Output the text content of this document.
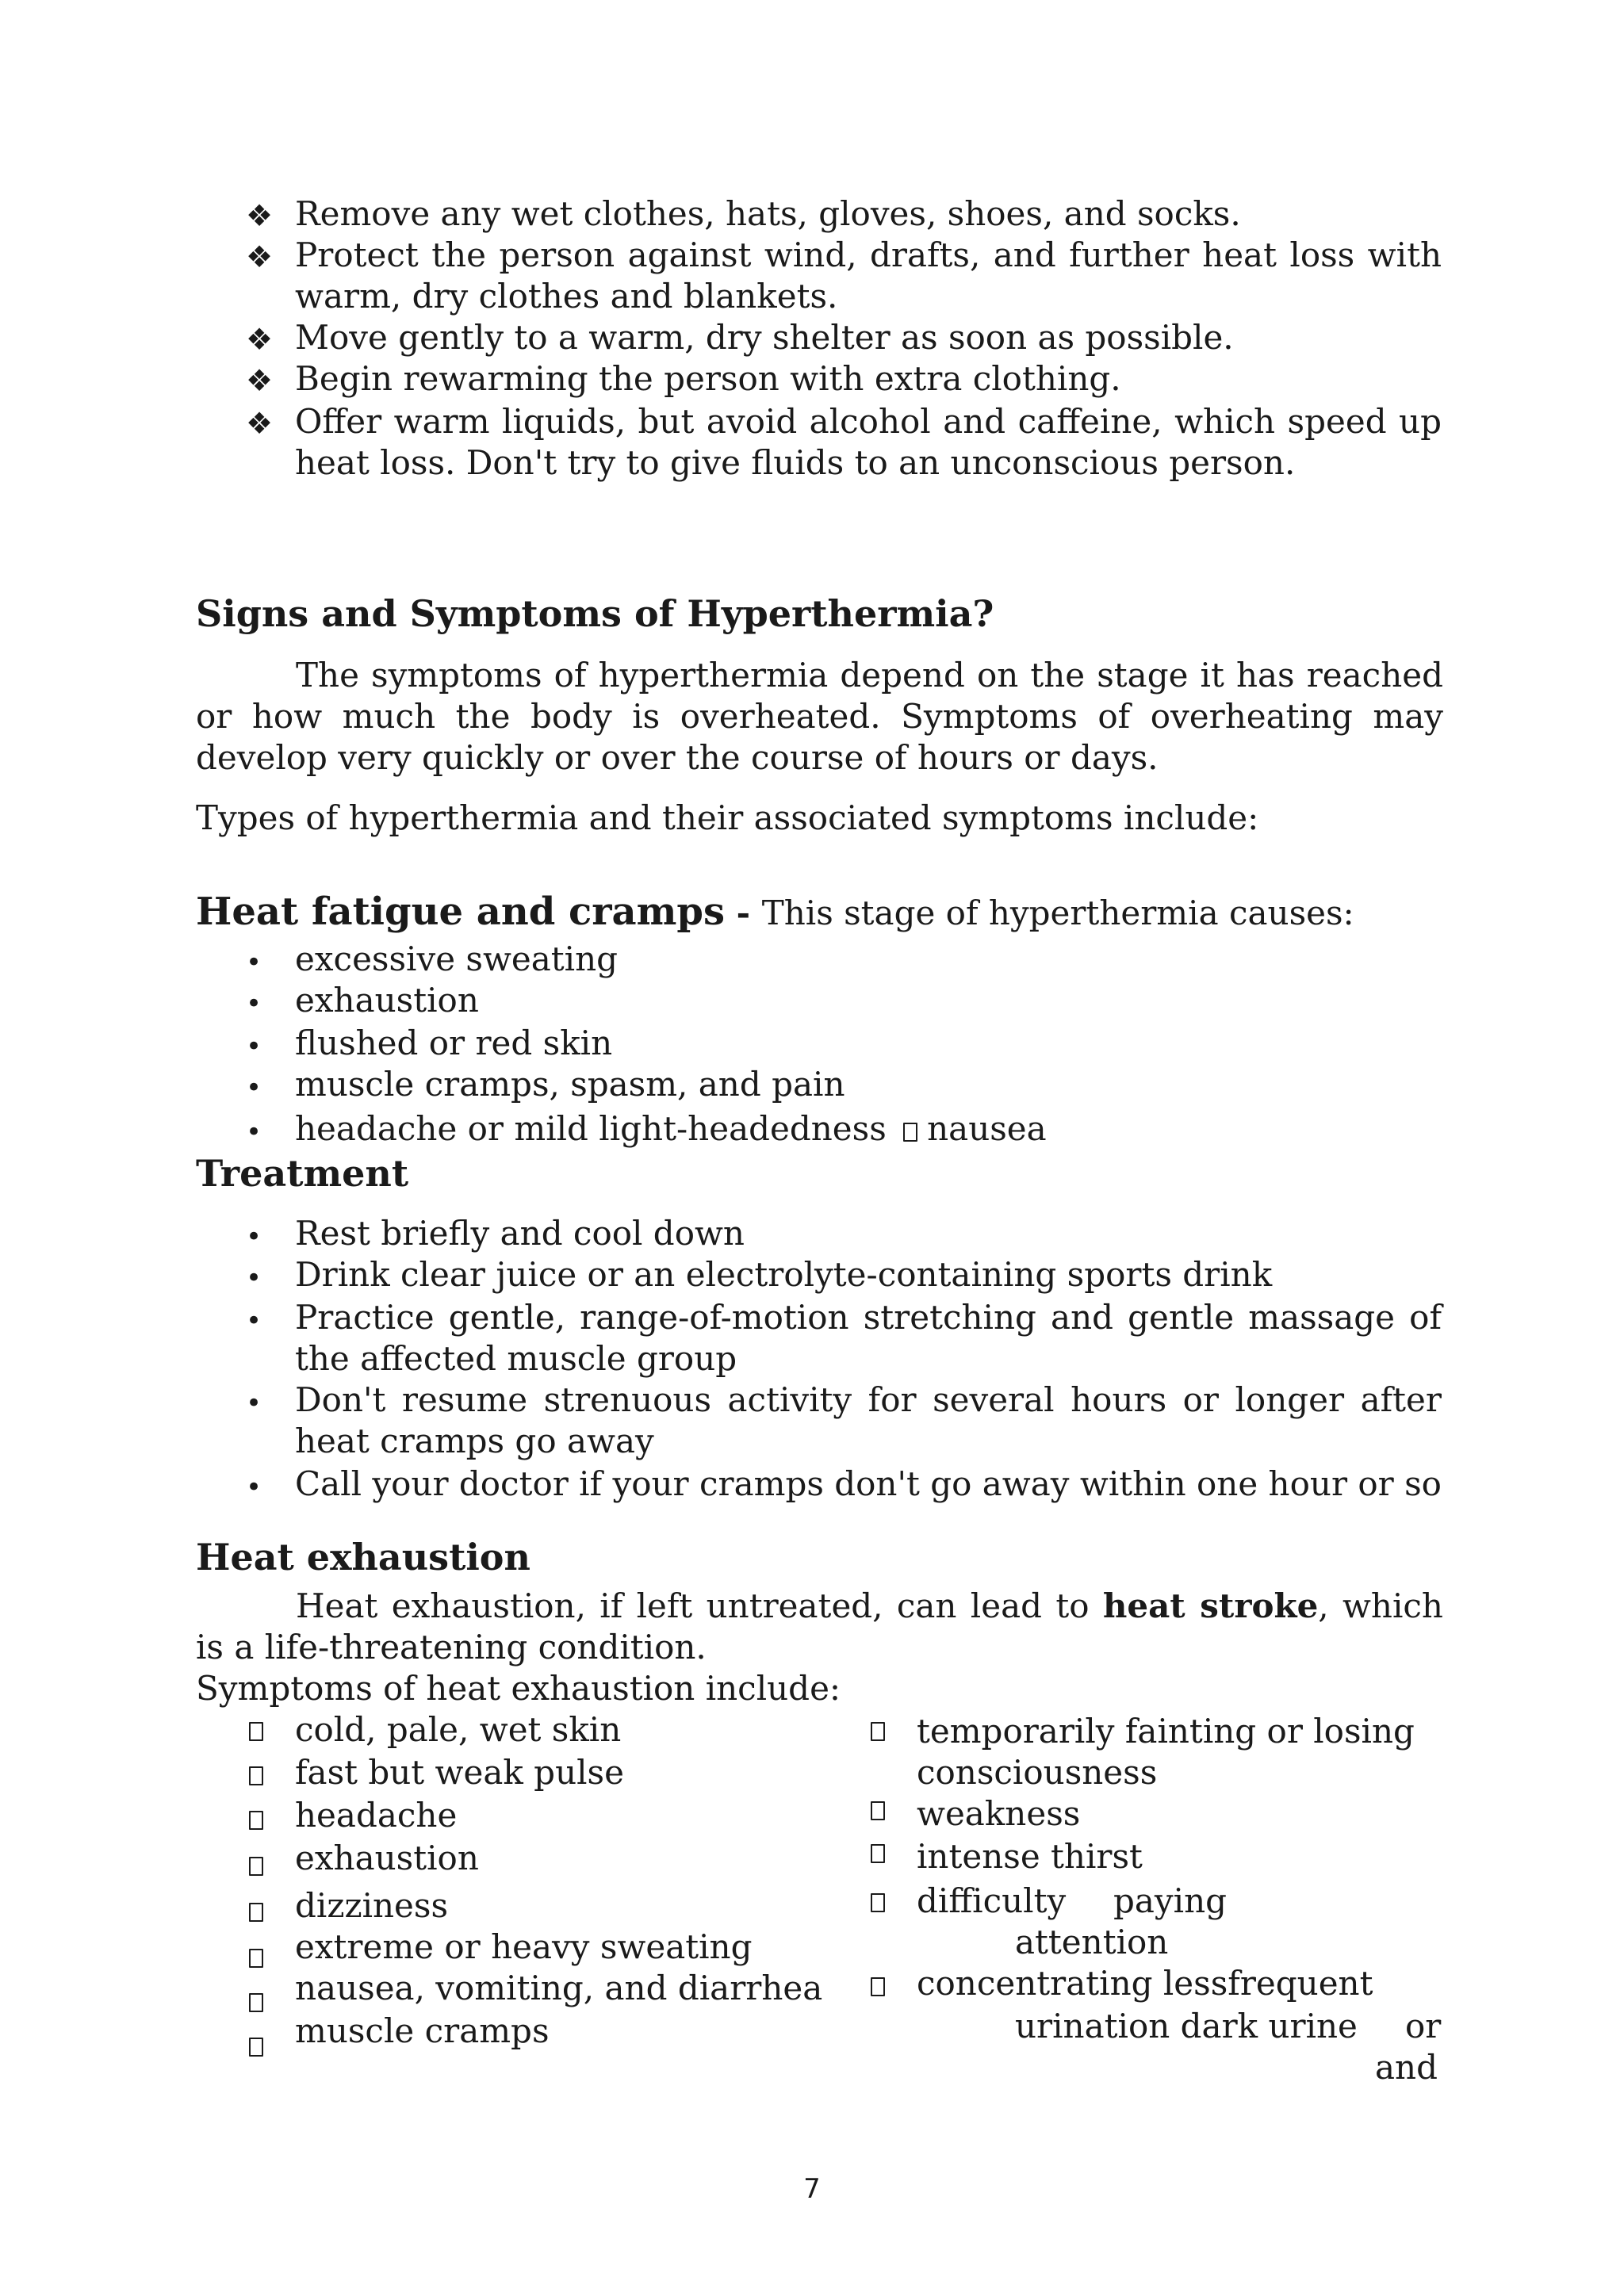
❖ Remove any wet clothes, hats, gloves, shoes, and socks.
❖ Protect the person against wind, drafts, and further heat loss with warm, dry clothes and blankets.
❖ Move gently to a warm, dry shelter as soon as possible.
❖ Begin rewarming the person with extra clothing.
❖ Offer warm liquids, but avoid alcohol and caffeine, which speed up heat loss. Don't try to give fluids to an unconscious person.
Signs and Symptoms of Hyperthermia?
The symptoms of hyperthermia depend on the stage it has reached or how much the body is overheated. Symptoms of overheating may develop very quickly or over the course of hours or days.
Types of hyperthermia and their associated symptoms include:
Heat fatigue and cramps - This stage of hyperthermia causes:
• excessive sweating
• exhaustion
• flushed or red skin
• muscle cramps, spasm, and pain
• headache or mild light-headedness nausea
Treatment
• Rest briefly and cool down
• Drink clear juice or an electrolyte-containing sports drink
• Practice gentle, range-of-motion stretching and gentle massage of the affected muscle group
• Don't resume strenuous activity for several hours or longer after heat cramps go away
• Call your doctor if your cramps don't go away within one hour or so
Heat exhaustion
Heat exhaustion, if left untreated, can lead to heat stroke, which is a life-threatening condition.
Symptoms of heat exhaustion include:
cold, pale, wet skin
fast but weak pulse
headache
exhaustion
dizziness
extreme or heavy sweating
nausea, vomiting, and diarrhea
muscle cramps
temporarily fainting or losing
consciousness
weakness
intense thirst
difficulty paying
attention
concentrating lessfrequent
urination dark urine or
and
7
